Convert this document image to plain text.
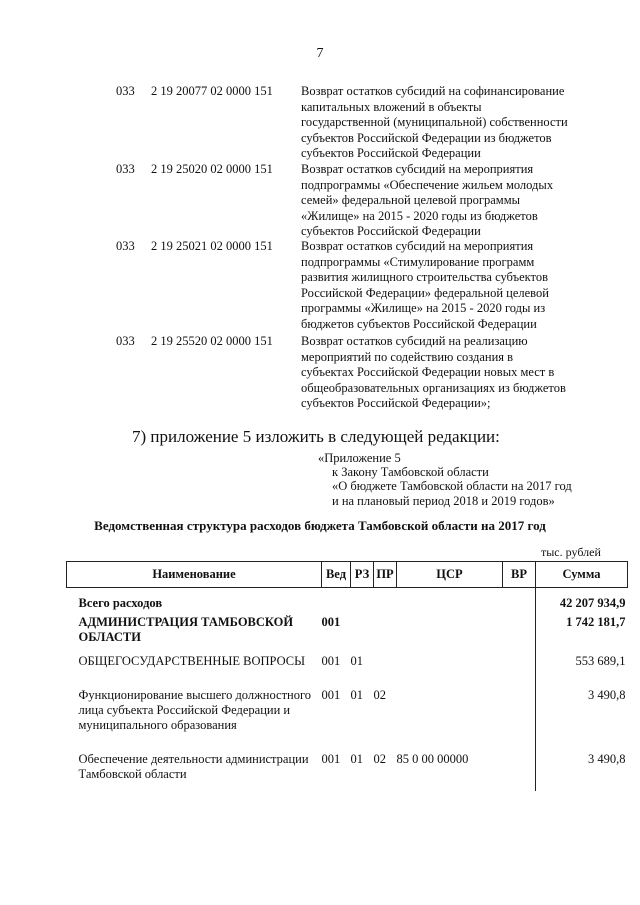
7
033 2 19 20077 02 0000 151 Возврат остатков субсидий на софинансирование
капитальных вложений в объекты
государственной (муниципальной) собственности
субъектов Российской Федерации из бюджетов
субъектов Российской Федерации
033 2 19 25020 02 0000 151 Возврат остатков субсидий на мероприятия
подпрограммы «Обеспечение жильем молодых
семей» федеральной целевой программы
«Жилище» на 2015 - 2020 годы из бюджетов
субъектов Российской Федерации
033 2 19 25021 02 0000 151 Возврат остатков субсидий на мероприятия
подпрограммы «Стимулирование программ
развития жилищного строительства субъектов
Российской Федерации» федеральной целевой
программы «Жилище» на 2015 - 2020 годы из
бюджетов субъектов Российской Федерации
033 2 19 25520 02 0000 151 Возврат остатков субсидий на реализацию
мероприятий по содействию создания в
субъектах Российской Федерации новых мест в
общеобразовательных организациях из бюджетов
субъектов Российской Федерации»;
7) приложение 5 изложить в следующей редакции:
«Приложение 5
к Закону Тамбовской области
«О бюджете Тамбовской области на 2017 год
и на плановый период 2018 и 2019 годов»
Ведомственная структура расходов бюджета Тамбовской области на 2017 год
тыс. рублей
Наименование	Вед	РЗ	ПР	ЦСР	ВР	Сумма
Всего расходов						42 207 934,9
АДМИНИСТРАЦИЯ ТАМБОВСКОЙ ОБЛАСТИ	001					1 742 181,7
ОБЩЕГОСУДАРСТВЕННЫЕ ВОПРОСЫ	001	01				553 689,1
Функционирование высшего должностного лица субъекта Российской Федерации и муниципального образования	001	01	02			3 490,8
Обеспечение деятельности администрации Тамбовской области	001	01	02	85 0 00 00000		3 490,8
